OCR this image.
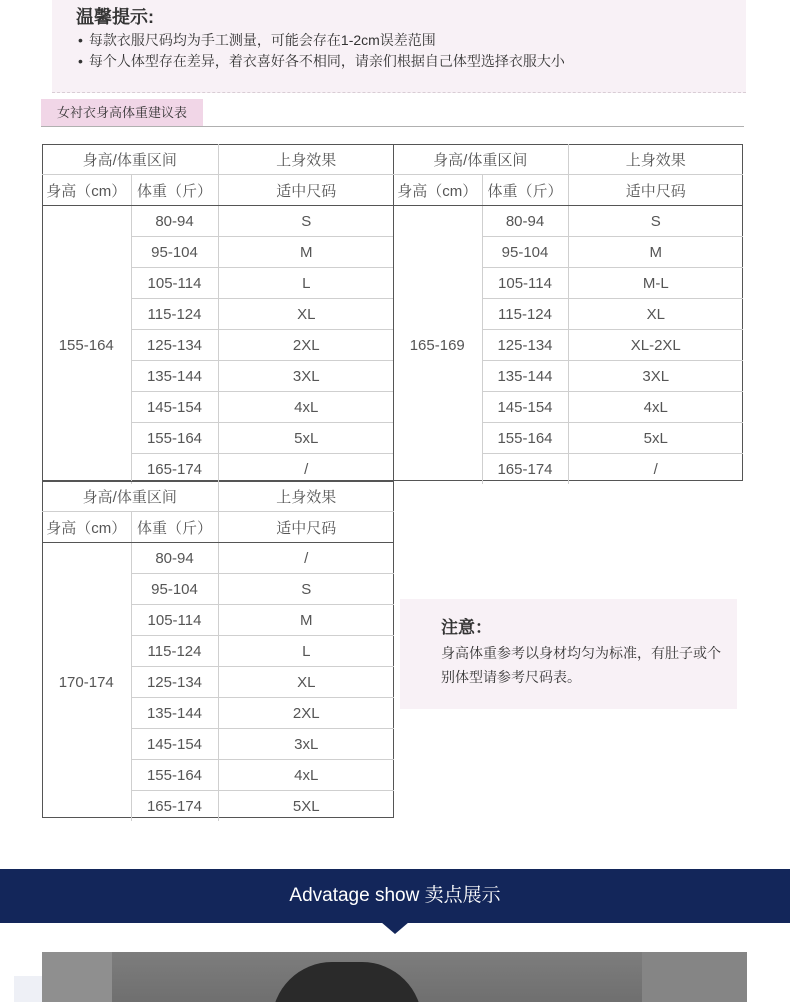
温馨提示:
• 每款衣服尺码均为手工测量，可能会存在1-2cm误差范围
• 每个人体型存在差异，着衣喜好各不相同，请亲们根据自己体型选择衣服大小
女衬衣身高体重建议表
身高/体重区间		上身效果
身高（cm）	体重（斤）	适中尺码
155-164	80-94	S
	95-104	M
	105-114	L
	115-124	XL
	125-134	2XL
	135-144	3XL
	145-154	4xL
	155-164	5xL
	165-174	/
身高/体重区间		上身效果
身高（cm）	体重（斤）	适中尺码
165-169	80-94	S
	95-104	M
	105-114	M-L
	115-124	XL
	125-134	XL-2XL
	135-144	3XL
	145-154	4xL
	155-164	5xL
	165-174	/
身高/体重区间		上身效果
身高（cm）	体重（斤）	适中尺码
170-174	80-94	/
	95-104	S
	105-114	M
	115-124	L
	125-134	XL
	135-144	2XL
	145-154	3xL
	155-164	4xL
	165-174	5XL
注意：

身高体重参考以身材均匀为标准，有肚子或个别体型请参考尺码表。

Advatage show 卖点展示
